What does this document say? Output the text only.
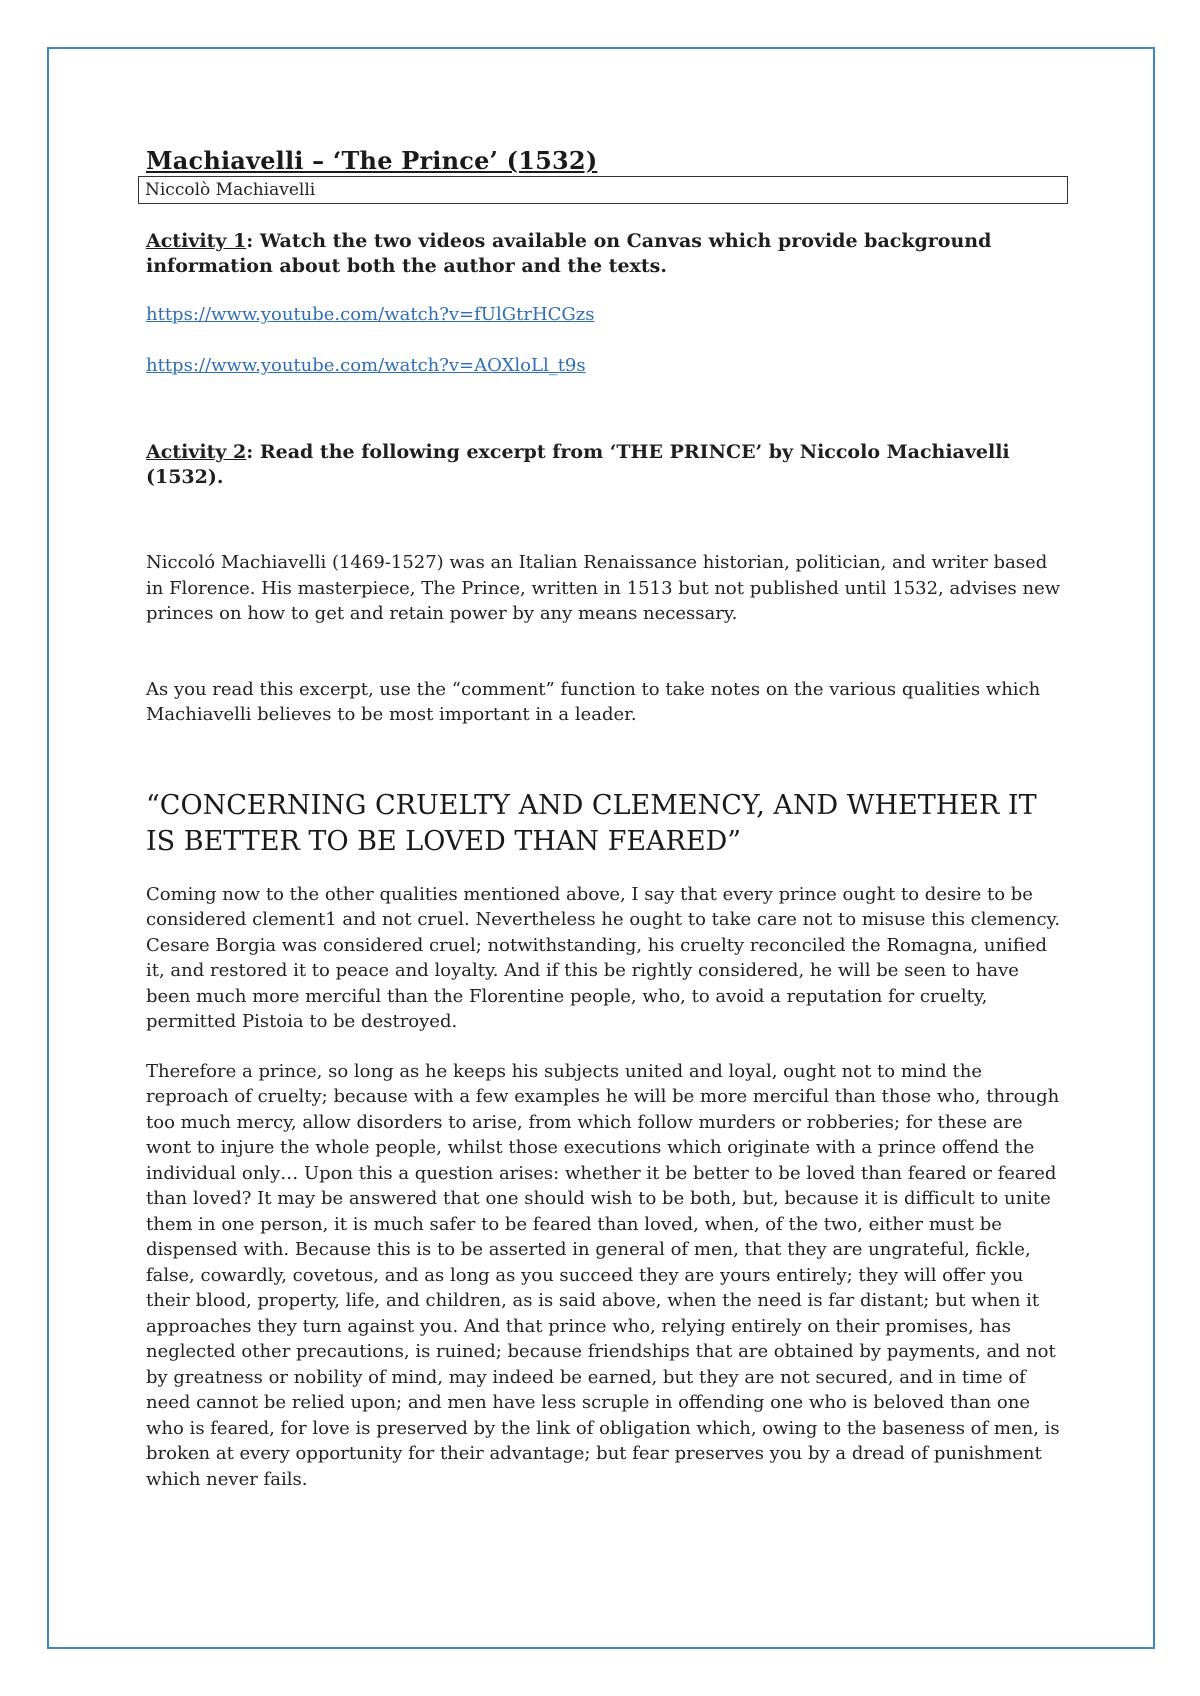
Machiavelli – ‘The Prince’ (1532)
Niccolò Machiavelli
Activity 1: Watch the two videos available on Canvas which provide background information about both the author and the texts.
https://www.youtube.com/watch?v=fUlGtrHCGzs
https://www.youtube.com/watch?v=AOXloLl_t9s
Activity 2: Read the following excerpt from ‘THE PRINCE’ by Niccolo Machiavelli (1532).

Niccoló Machiavelli (1469-1527) was an Italian Renaissance historian, politician, and writer based in Florence. His masterpiece, The Prince, written in 1513 but not published until 1532, advises new princes on how to get and retain power by any means necessary.

As you read this excerpt, use the “comment” function to take notes on the various qualities which Machiavelli believes to be most important in a leader.

“CONCERNING CRUELTY AND CLEMENCY, AND WHETHER IT IS BETTER TO BE LOVED THAN FEARED”

Coming now to the other qualities mentioned above, I say that every prince ought to desire to be considered clement1 and not cruel. Nevertheless he ought to take care not to misuse this clemency. Cesare Borgia was considered cruel; notwithstanding, his cruelty reconciled the Romagna, unified it, and restored it to peace and loyalty. And if this be rightly considered, he will be seen to have been much more merciful than the Florentine people, who, to avoid a reputation for cruelty, permitted Pistoia to be destroyed.

Therefore a prince, so long as he keeps his subjects united and loyal, ought not to mind the reproach of cruelty; because with a few examples he will be more merciful than those who, through too much mercy, allow disorders to arise, from which follow murders or robberies; for these are wont to injure the whole people, whilst those executions which originate with a prince offend the individual only… Upon this a question arises: whether it be better to be loved than feared or feared than loved? It may be answered that one should wish to be both, but, because it is difficult to unite them in one person, it is much safer to be feared than loved, when, of the two, either must be dispensed with. Because this is to be asserted in general of men, that they are ungrateful, fickle, false, cowardly, covetous, and as long as you succeed they are yours entirely; they will offer you their blood, property, life, and children, as is said above, when the need is far distant; but when it approaches they turn against you. And that prince who, relying entirely on their promises, has neglected other precautions, is ruined; because friendships that are obtained by payments, and not by greatness or nobility of mind, may indeed be earned, but they are not secured, and in time of need cannot be relied upon; and men have less scruple in offending one who is beloved than one who is feared, for love is preserved by the link of obligation which, owing to the baseness of men, is broken at every opportunity for their advantage; but fear preserves you by a dread of punishment which never fails.
